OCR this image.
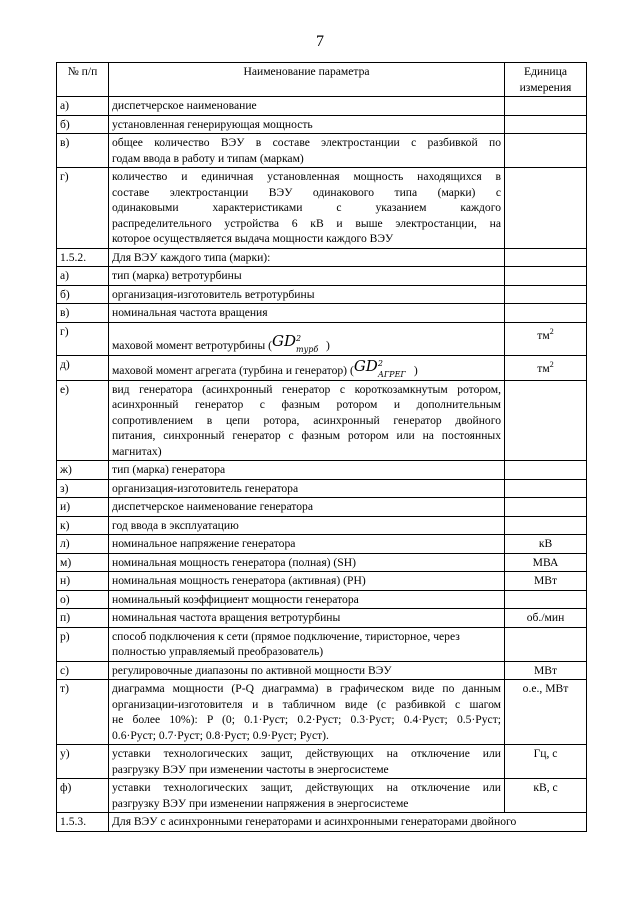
7
№ п/п	Наименование параметра	Единица
измерения

а)	диспетчерское наименование	
б)	установленная генерирующая мощность	
в)	общее количество ВЭУ в составе электростанции с разбивкой по
годам ввода в работу и типам (маркам)	

г)	количество и единичная установленная мощность находящихся в
составе электростанции ВЭУ одинакового типа (марки) с
одинаковыми характеристиками с указанием каждого
распределительного устройства 6 кВ и выше электростанции, на
которое осуществляется выдача мощности каждого ВЭУ	

1.5.2.	Для ВЭУ каждого типа (марки):	
а)	тип (марка) ветротурбины	
б)	организация-изготовитель ветротурбины	
в)	номинальная частота вращения	
г)	маховой момент ветротурбины (GD 2
турб )	$тм^2$
д)	маховой момент агрегата (турбина и генератор) (GD 2
АГРЕГ )	$тм^2$
е)	вид генератора (асинхронный генератор с короткозамкнутым ротором,
асинхронный генератор с фазным ротором и дополнительным
сопротивлением в цепи ротора, асинхронный генератор двойного
питания, синхронный генератор с фазным ротором или на постоянных
магнитах)	

ж)	тип (марка) генератора	
з)	организация-изготовитель генератора	
и)	диспетчерское наименование генератора	
к)	год ввода в эксплуатацию	
л)	номинальное напряжение генератора	кВ
м)	номинальная мощность генератора (полная) (SH)	МВА
н)	номинальная мощность генератора (активная) (PH)	МВт
о)	номинальный коэффициент мощности генератора	
п)	номинальная частота вращения ветротурбины	об./мин
р)	способ подключения к сети (прямое подключение, тиристорное, через
полностью управляемый преобразователь)	

с)	регулировочные диапазоны по активной мощности ВЭУ	МВт
т)	диаграмма мощности (P-Q диаграмма) в графическом виде по данным
организации-изготовителя и в табличном виде (с разбивкой с шагом
не более 10%): P (0; 0.1·Руст; 0.2·Руст; 0.3·Руст; 0.4·Руст; 0.5·Руст;
0.6·Руст; 0.7·Руст; 0.8·Руст; 0.9·Руст; Руст).	о.е., МВт
у)	уставки технологических защит, действующих на отключение или
разгрузку ВЭУ при изменении частоты в энергосистеме	Гц, с
ф)	уставки технологических защит, действующих на отключение или
разгрузку ВЭУ при изменении напряжения в энергосистеме	кВ, с
1.5.3.	Для ВЭУ с асинхронными генераторами и асинхронными генераторами двойного	
